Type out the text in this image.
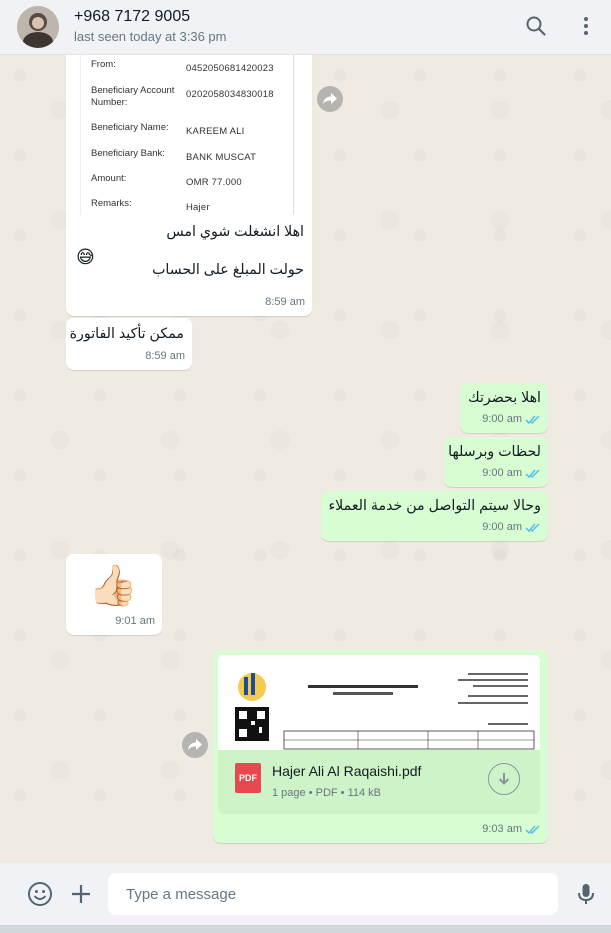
+968 7172 9005
last seen today at 3:36 pm
From:	0452050681420023
Beneficiary Account Number:
0202058034830018
Beneficiary Name:	KAREEM ALI
Beneficiary Bank:	BANK MUSCAT
Amount:	OMR 77.000
Remarks:	Hajer
اهلا انشغلت شوي امس
😅
حولت المبلغ على الحساب
8:59 am
ممكن تأكيد الفاتورة
8:59 am
اهلا بحضرتك
9:00 am
لحظات وبرسلها
9:00 am
وحالا سيتم التواصل من خدمة العملاء
9:00 am
👍🏻
9:01 am
PDF Hajer Ali Al Raqaishi.pdf
1 page • PDF • 114 kB
9:03 am
Type a message
